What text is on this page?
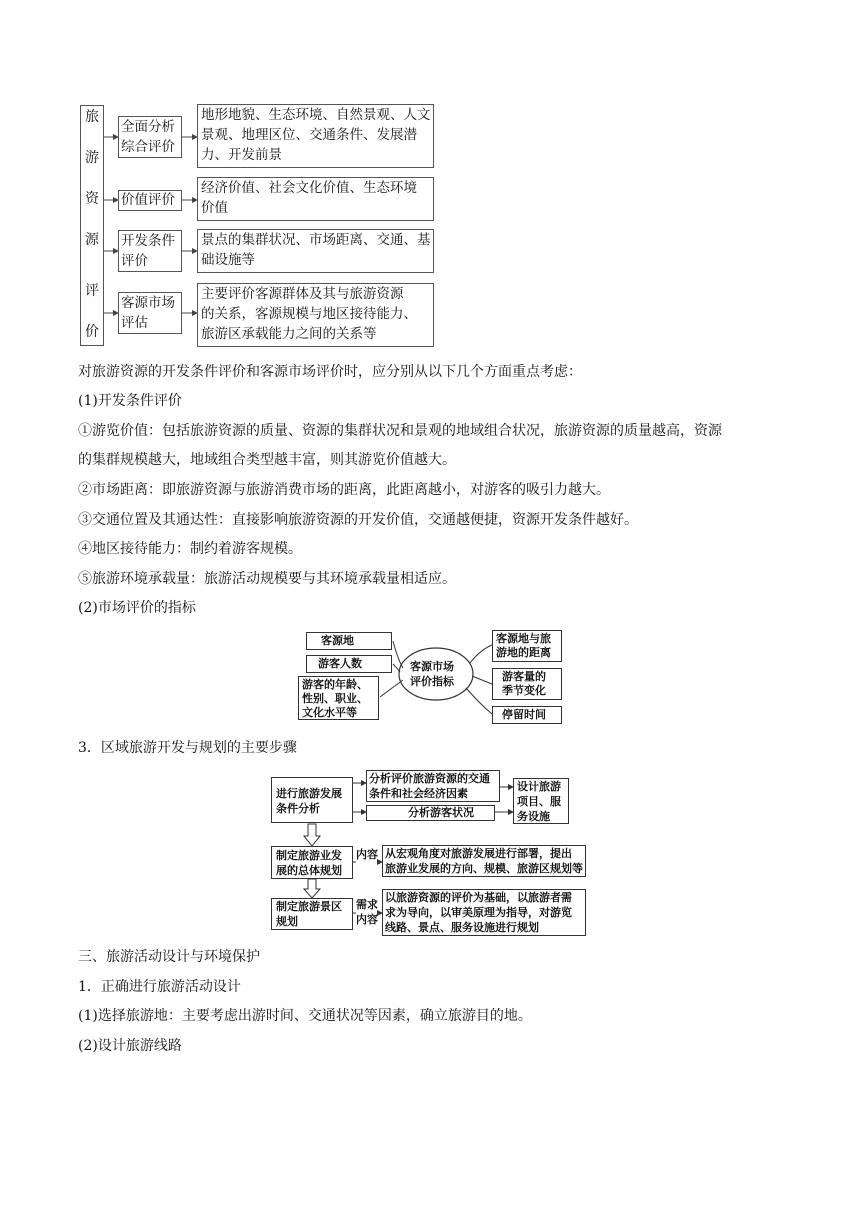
旅
游
资
源
评
价
全面分析
综合评价
地形地貌、生态环境、自然景观、人文
景观、地理区位、交通条件、发展潜
力、开发前景
价值评价
经济价值、社会文化价值、生态环境
价值
开发条件
评价
景点的集群状况、市场距离、交通、基
础设施等
客源市场
评估
主要评价客源群体及其与旅游资源
的关系，客源规模与地区接待能力、
旅游区承载能力之间的关系等
对旅游资源的开发条件评价和客源市场评价时，应分别从以下几个方面重点考虑：
(1)开发条件评价
①游览价值：包括旅游资源的质量、资源的集群状况和景观的地域组合状况，旅游资源的质量越高，资源
的集群规模越大，地域组合类型越丰富，则其游览价值越大。
②市场距离：即旅游资源与旅游消费市场的距离，此距离越小，对游客的吸引力越大。
③交通位置及其通达性：直接影响旅游资源的开发价值，交通越便捷，资源开发条件越好。
④地区接待能力：制约着游客规模。
⑤旅游环境承载量：旅游活动规模要与其环境承载量相适应。
(2)市场评价的指标
客源市场
评价指标
客源地
游客人数
游客的年龄、
性别、职业、
文化水平等
客源地与旅
游地的距离
游客量的
季节变化
停留时间
3．区域旅游开发与规划的主要步骤
进行旅游发展
条件分析
分析评价旅游资源的交通
条件和社会经济因素
分析游客状况
设计旅游
项目、服
务设施
制定旅游业发
展的总体规划
内容 从宏观角度对旅游发展进行部署，提出
旅游业发展的方向、规模、旅游区规划等
制定旅游景区
规划
需求
内容
以旅游资源的评价为基础，以旅游者需
求为导向，以审美原理为指导，对游览
线路、景点、服务设施进行规划
三、旅游活动设计与环境保护
1．正确进行旅游活动设计
(1)选择旅游地：主要考虑出游时间、交通状况等因素，确立旅游目的地。
(2)设计旅游线路
